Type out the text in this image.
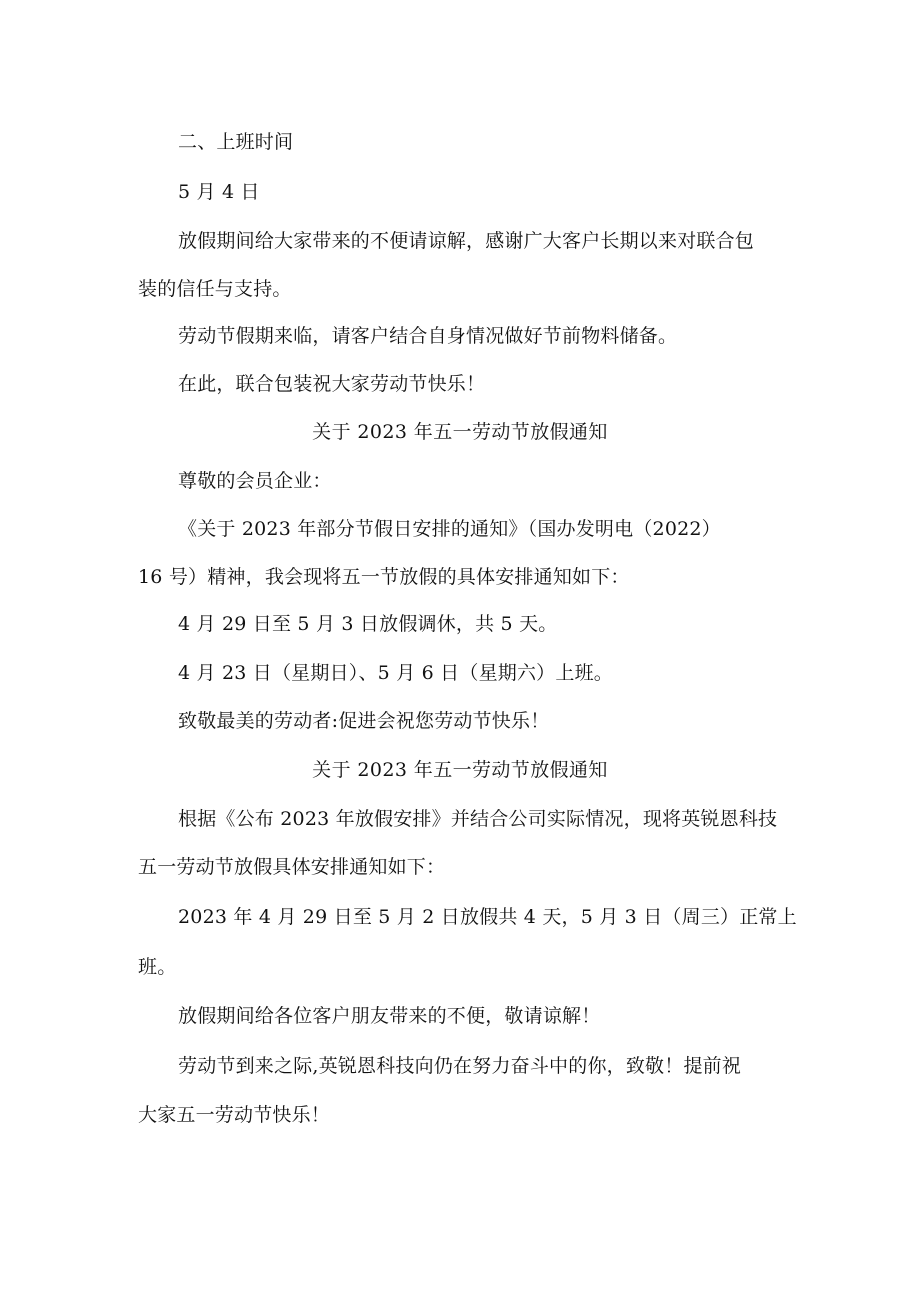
二、上班时间

5 月 4 日

放假期间给大家带来的不便请谅解，感谢广大客户长期以来对联合包

装的信任与支持。

劳动节假期来临，请客户结合自身情况做好节前物料储备。

在此，联合包装祝大家劳动节快乐！

关于 2023 年五一劳动节放假通知

尊敬的会员企业：

《关于 2023 年部分节假日安排的通知》（国办发明电（2022）

16 号）精神，我会现将五一节放假的具体安排通知如下：

4 月 29 日至 5 月 3 日放假调休，共 5 天。

4 月 23 日（星期日）、5 月 6 日（星期六）上班。

致敬最美的劳动者:促进会祝您劳动节快乐！

关于 2023 年五一劳动节放假通知

根据《公布 2023 年放假安排》并结合公司实际情况，现将英锐恩科技

五一劳动节放假具体安排通知如下：

2023 年 4 月 29 日至 5 月 2 日放假共 4 天，5 月 3 日（周三）正常上

班。

放假期间给各位客户朋友带来的不便，敬请谅解！

劳动节到来之际,英锐恩科技向仍在努力奋斗中的你，致敬！提前祝

大家五一劳动节快乐！
